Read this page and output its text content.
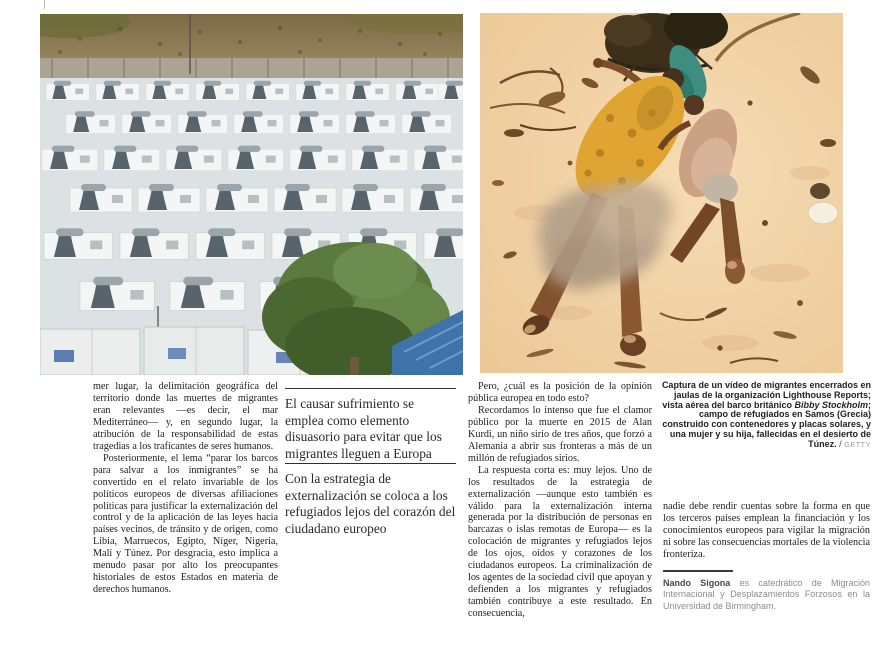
Captura de un vídeo de migrantes encerrados en jaulas de la organización Lighthouse Reports; vista aérea del barco británico Bibby Stockholm; campo de refugiados en Samos (Grecia) construido con contenedores y placas solares, y una mujer y su hija, fallecidas en el desierto de Túnez. / GETTY

mer lugar, la delimitación geográfica del territorio donde las muertes de migrantes eran relevantes —es decir, el mar Mediterráneo— y, en segundo lugar, la atribución de la responsabilidad de estas tragedias a los traficantes de seres humanos.

Posteriormente, el lema “parar los barcos para salvar a los inmigrantes” se ha convertido en el relato invariable de los políticos europeos de diversas afiliaciones políticas para justificar la externalización del control y de la aplicación de las leyes hacia países vecinos, de tránsito y de origen, como Libia, Marruecos, Egipto, Níger, Nigeria, Malí y Túnez. Por desgracia, esto implica a menudo pasar por alto los preocupantes historiales de estos Estados en materia de derechos humanos.

El causar sufrimiento se emplea como elemento disuasorio para evitar que los migrantes lleguen a Europa
Con la estrategia de externalización se coloca a los refugiados lejos del corazón del ciudadano europeo

Pero, ¿cuál es la posición de la opinión pública europea en todo esto?

Recordamos lo intenso que fue el clamor público por la muerte en 2015 de Alan Kurdi, un niño sirio de tres años, que forzó a Alemania a abrir sus fronteras a más de un millón de refugiados sirios.

La respuesta corta es: muy lejos. Uno de los resultados de la estrategia de externalización —aunque esto también es válido para la externalización interna generada por la distribución de personas en barcazas o islas remotas de Europa— es la colocación de migrantes y refugiados lejos de los ojos, oídos y corazones de los ciudadanos europeos. La criminalización de los agentes de la sociedad civil que apoyan y defienden a los migrantes y refugiados también contribuye a este resultado. En consecuencia,

nadie debe rendir cuentas sobre la forma en que los terceros países emplean la financiación y los conocimientos europeos para vigilar la migración ni sobre las consecuencias mortales de la violencia fronteriza.

Nando Sigona es catedrático de Migración Internacional y Desplazamientos Forzosos en la Universidad de Birmingham.
